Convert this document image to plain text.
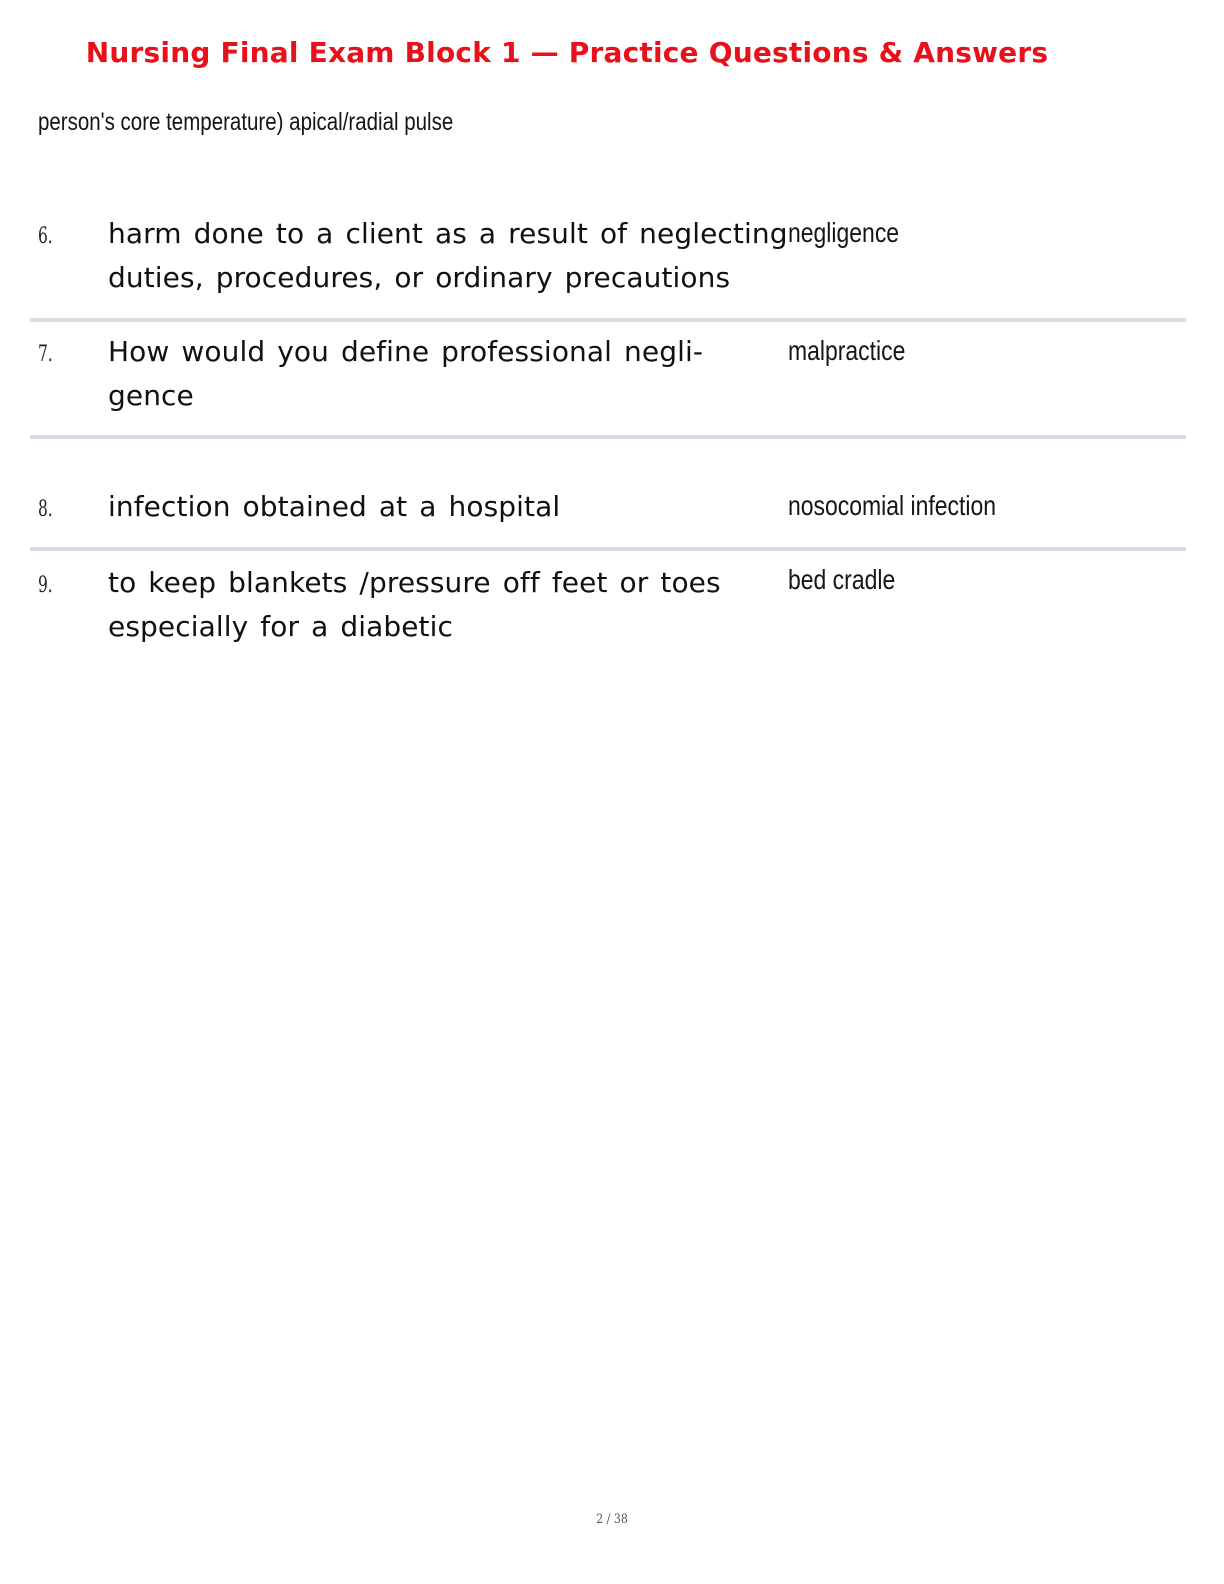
Nursing Final Exam Block 1 — Practice Questions & Answers
person's core temperature) apical/radial pulse
6. harm done to a client as a result of neglecting
duties, procedures, or ordinary precautions
negligence
7. How would you define professional negli-
gence
malpractice
8. infection obtained at a hospital	nosocomial infection
9. to keep blankets /pressure off feet or toes
especially for a diabetic
bed cradle
2 / 38
